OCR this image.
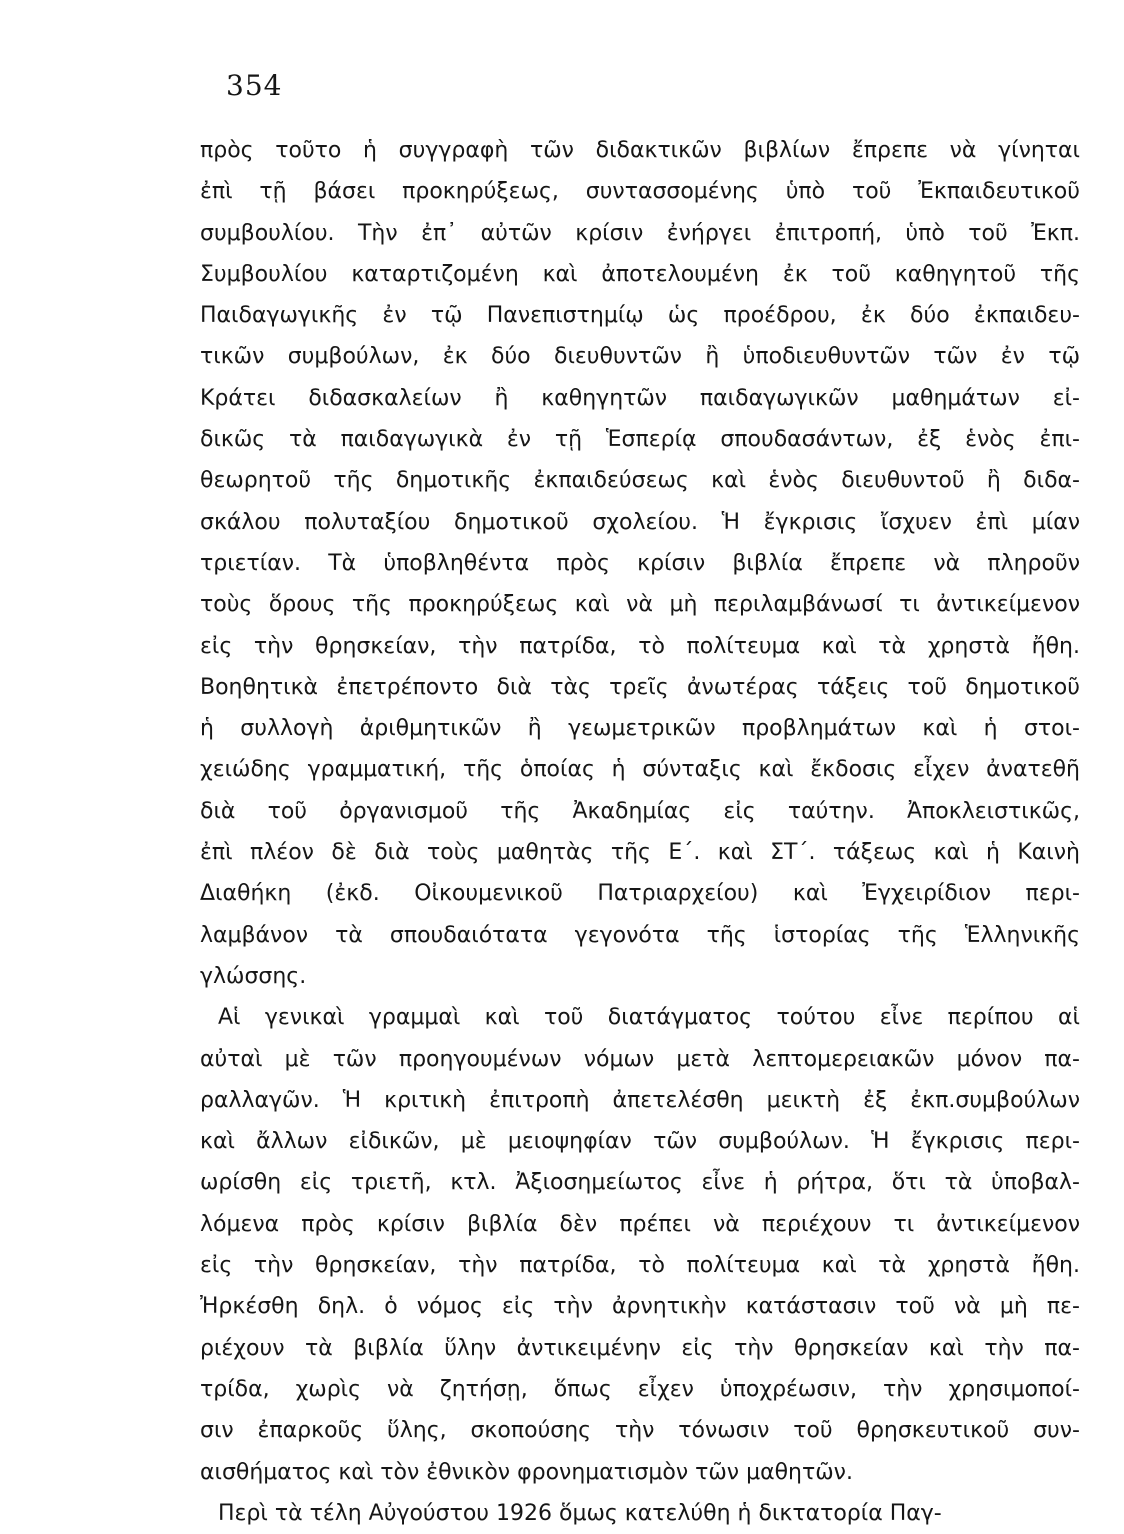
354
πρὸς τοῦτο ἡ συγγραφὴ τῶν διδακτικῶν βιβλίων ἔπρεπε νὰ γίνηται
ἐπὶ τῇ βάσει προκηρύξεως, συντασσομένης ὑπὸ τοῦ Ἐκπαιδευτικοῦ
συμβουλίου. Τὴν ἐπ᾽ αὐτῶν κρίσιν ἐνήργει ἐπιτροπή, ὑπὸ τοῦ Ἐκπ.
Συμβουλίου καταρτιζομένη καὶ ἀποτελουμένη ἐκ τοῦ καθηγητοῦ τῆς
Παιδαγωγικῆς ἐν τῷ Πανεπιστημίῳ ὡς προέδρου, ἐκ δύο ἐκπαιδευ-
τικῶν συμβούλων, ἐκ δύο διευθυντῶν ἢ ὑποδιευθυντῶν τῶν ἐν τῷ
Κράτει διδασκαλείων ἢ καθηγητῶν παιδαγωγικῶν μαθημάτων εἰ-
δικῶς τὰ παιδαγωγικὰ ἐν τῇ Ἑσπερίᾳ σπουδασάντων, ἐξ ἑνὸς ἐπι-
θεωρητοῦ τῆς δημοτικῆς ἐκπαιδεύσεως καὶ ἑνὸς διευθυντοῦ ἢ διδα-
σκάλου πολυταξίου δημοτικοῦ σχολείου. Ἡ ἔγκρισις ἴσχυεν ἐπὶ μίαν
τριετίαν. Τὰ ὑποβληθέντα πρὸς κρίσιν βιβλία ἔπρεπε νὰ πληροῦν
τοὺς ὅρους τῆς προκηρύξεως καὶ νὰ μὴ περιλαμβάνωσί τι ἀντικείμενον
εἰς τὴν θρησκείαν, τὴν πατρίδα, τὸ πολίτευμα καὶ τὰ χρηστὰ ἤθη.
Βοηθητικὰ ἐπετρέποντο διὰ τὰς τρεῖς ἀνωτέρας τάξεις τοῦ δημοτικοῦ
ἡ συλλογὴ ἀριθμητικῶν ἢ γεωμετρικῶν προβλημάτων καὶ ἡ στοι-
χειώδης γραμματική, τῆς ὁποίας ἡ σύνταξις καὶ ἔκδοσις εἶχεν ἀνατεθῆ
διὰ τοῦ ὀργανισμοῦ τῆς Ἀκαδημίας εἰς ταύτην. Ἀποκλειστικῶς,
ἐπὶ πλέον δὲ διὰ τοὺς μαθητὰς τῆς Ε΄. καὶ ΣΤ΄. τάξεως καὶ ἡ Καινὴ
Διαθήκη (ἐκδ. Οἰκουμενικοῦ Πατριαρχείου) καὶ Ἐγχειρίδιον περι-
λαμβάνον τὰ σπουδαιότατα γεγονότα τῆς ἱστορίας τῆς Ἑλληνικῆς
γλώσσης.
Αἱ γενικαὶ γραμμαὶ καὶ τοῦ διατάγματος τούτου εἶνε περίπου αἱ
αὐταὶ μὲ τῶν προηγουμένων νόμων μετὰ λεπτομερειακῶν μόνον πα-
ραλλαγῶν. Ἡ κριτικὴ ἐπιτροπὴ ἀπετελέσθη μεικτὴ ἐξ ἐκπ.συμβούλων
καὶ ἄλλων εἰδικῶν, μὲ μειοψηφίαν τῶν συμβούλων. Ἡ ἔγκρισις περι-
ωρίσθη εἰς τριετῆ, κτλ. Ἀξιοσημείωτος εἶνε ἡ ρήτρα, ὅτι τὰ ὑποβαλ-
λόμενα πρὸς κρίσιν βιβλία δὲν πρέπει νὰ περιέχουν τι ἀντικείμενον
εἰς τὴν θρησκείαν, τὴν πατρίδα, τὸ πολίτευμα καὶ τὰ χρηστὰ ἤθη.
Ἠρκέσθη δηλ. ὁ νόμος εἰς τὴν ἀρνητικὴν κατάστασιν τοῦ νὰ μὴ πε-
ριέχουν τὰ βιβλία ὕλην ἀντικειμένην εἰς τὴν θρησκείαν καὶ τὴν πα-
τρίδα, χωρὶς νὰ ζητήσῃ, ὅπως εἶχεν ὑποχρέωσιν, τὴν χρησιμοποί-
σιν ἐπαρκοῦς ὕλης, σκοπούσης τὴν τόνωσιν τοῦ θρησκευτικοῦ συν-
αισθήματος καὶ τὸν ἐθνικὸν φρονηματισμὸν τῶν μαθητῶν.
Περὶ τὰ τέλη Αὐγούστου 1926 ὅμως κατελύθη ἡ δικτατορία Παγ-
